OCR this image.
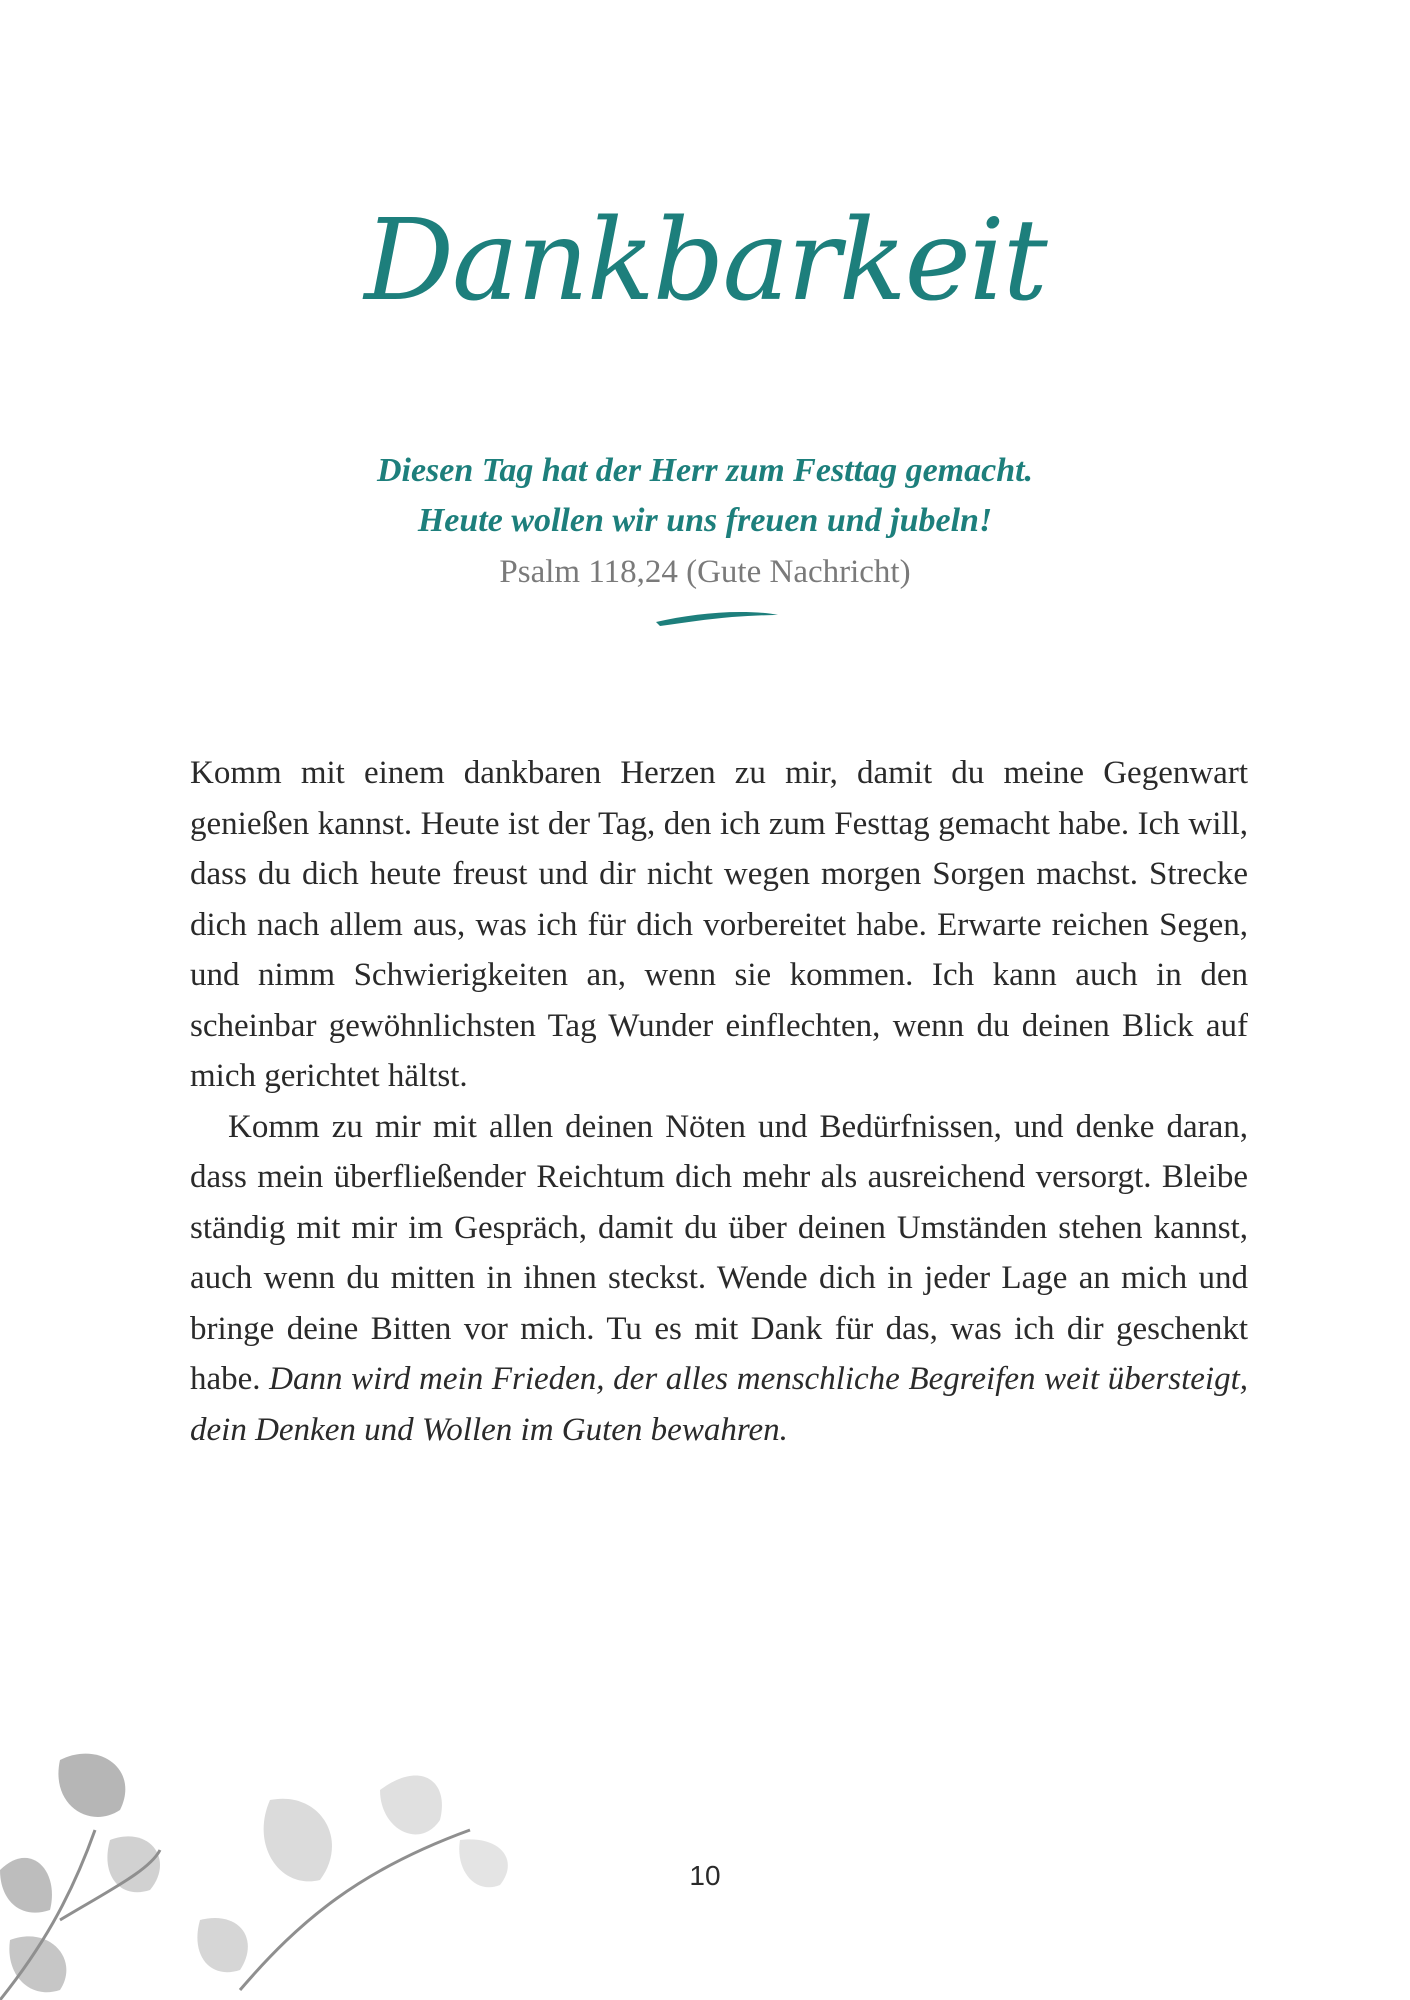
Dankbarkeit
Diesen Tag hat der Herr zum Festtag gemacht.
Heute wollen wir uns freuen und jubeln!
Psalm 118,24 (Gute Nachricht)

Komm mit einem dankbaren Herzen zu mir, damit du meine Gegenwart genießen kannst. Heute ist der Tag, den ich zum Festtag gemacht habe. Ich will, dass du dich heute freust und dir nicht wegen morgen Sorgen machst. Strecke dich nach allem aus, was ich für dich vorbereitet habe. Erwarte reichen Segen, und nimm Schwierigkeiten an, wenn sie kommen. Ich kann auch in den scheinbar gewöhnlichsten Tag Wunder einflechten, wenn du deinen Blick auf mich gerichtet hältst.

Komm zu mir mit allen deinen Nöten und Bedürfnissen, und denke daran, dass mein überfließender Reichtum dich mehr als ausreichend versorgt. Bleibe ständig mit mir im Gespräch, damit du über deinen Umständen stehen kannst, auch wenn du mitten in ihnen steckst. Wende dich in jeder Lage an mich und bringe deine Bitten vor mich. Tu es mit Dank für das, was ich dir geschenkt habe. Dann wird mein Frieden, der alles menschliche Begreifen weit übersteigt, dein Denken und Wollen im Guten bewahren.

10
